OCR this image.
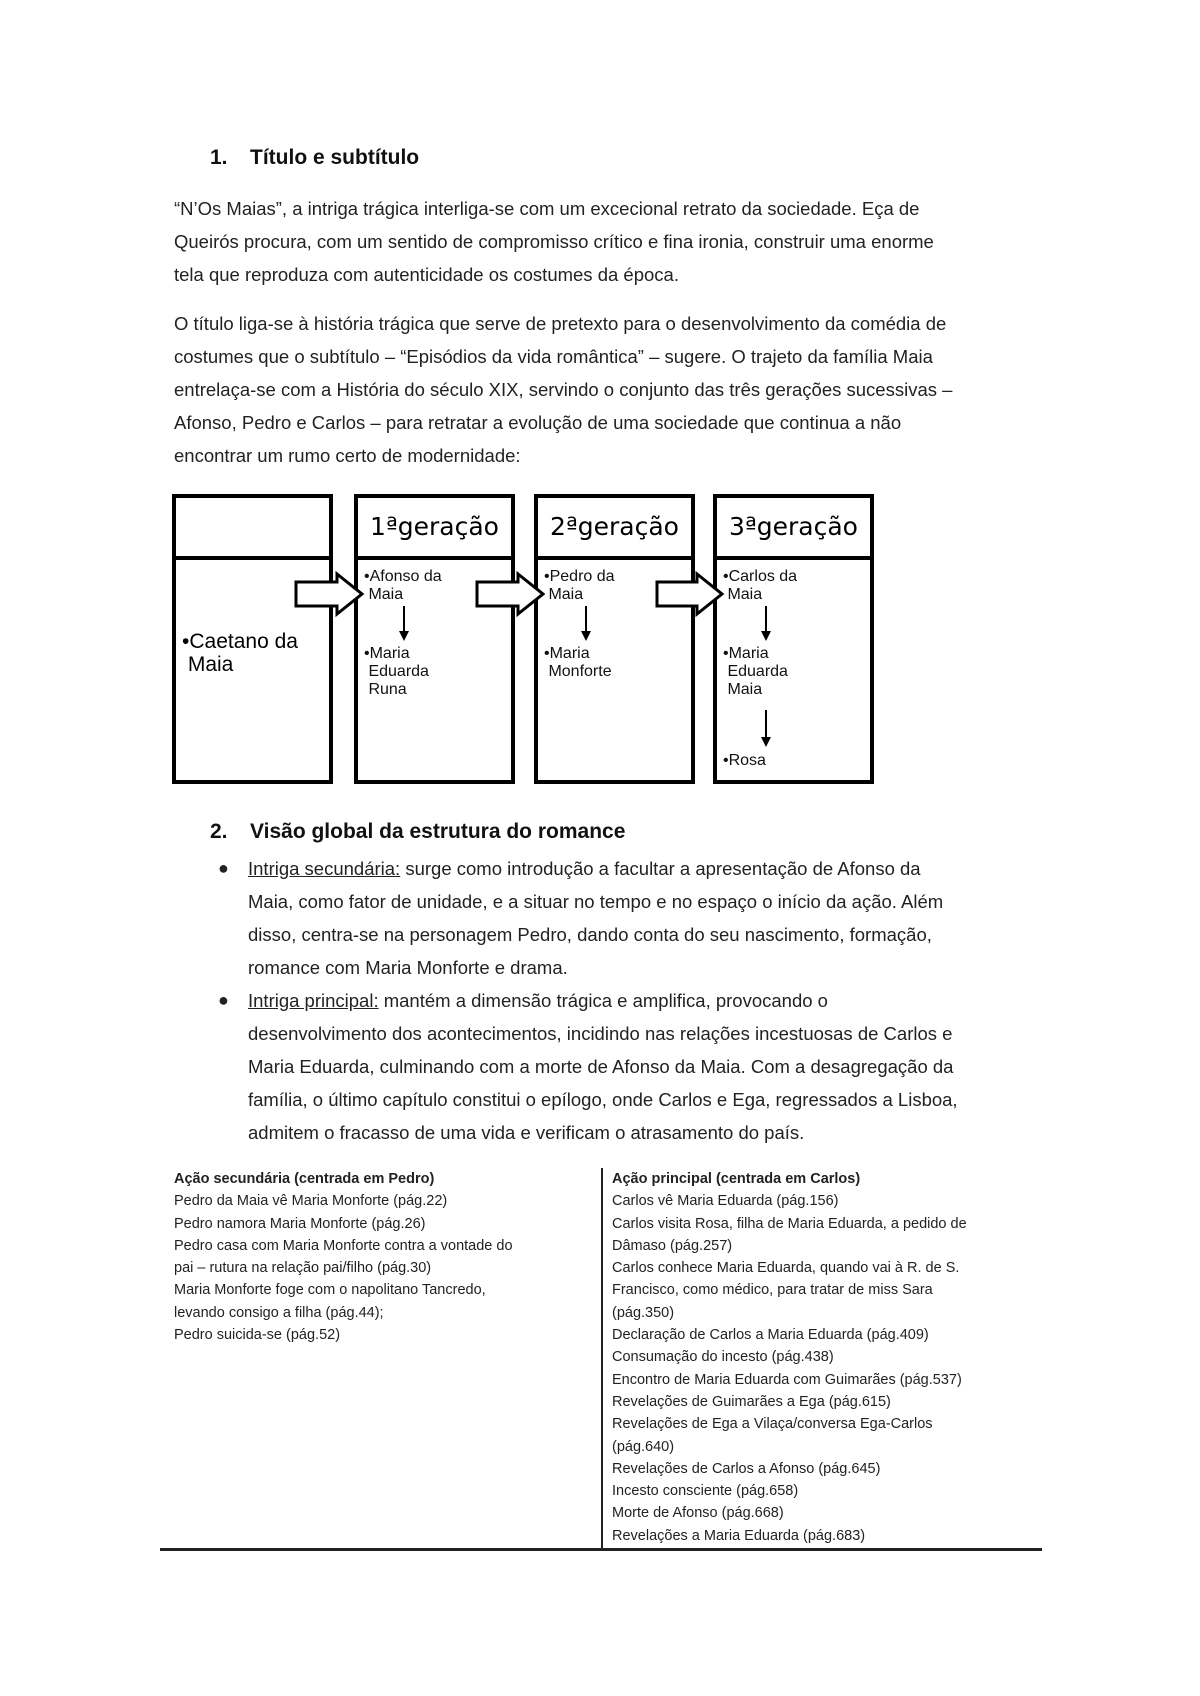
1. Título e subtítulo
“N’Os Maias”, a intriga trágica interliga-se com um excecional retrato da sociedade. Eça de
Queirós procura, com um sentido de compromisso crítico e fina ironia, construir uma enorme
tela que reproduza com autenticidade os costumes da época.
O título liga-se à história trágica que serve de pretexto para o desenvolvimento da comédia de
costumes que o subtítulo – “Episódios da vida romântica” – sugere. O trajeto da família Maia
entrelaça-se com a História do século XIX, servindo o conjunto das três gerações sucessivas –
Afonso, Pedro e Carlos – para retratar a evolução de uma sociedade que continua a não
encontrar um rumo certo de modernidade:
•Caetano da
Maia
1ªgeração
•Afonso da
Maia
•Maria
Eduarda
Runa
2ªgeração
•Pedro da
Maia
•Maria
Monforte
3ªgeração
•Carlos da
Maia
•Maria
Eduarda
Maia
•Rosa
2. Visão global da estrutura do romance
● Intriga secundária: surge como introdução a facultar a apresentação de Afonso da
Maia, como fator de unidade, e a situar no tempo e no espaço o início da ação. Além
disso, centra-se na personagem Pedro, dando conta do seu nascimento, formação,
romance com Maria Monforte e drama.
● Intriga principal: mantém a dimensão trágica e amplifica, provocando o
desenvolvimento dos acontecimentos, incidindo nas relações incestuosas de Carlos e
Maria Eduarda, culminando com a morte de Afonso da Maia. Com a desagregação da
família, o último capítulo constitui o epílogo, onde Carlos e Ega, regressados a Lisboa,
admitem o fracasso de uma vida e verificam o atrasamento do país.
Ação secundária (centrada em Pedro)
Pedro da Maia vê Maria Monforte (pág.22)
Pedro namora Maria Monforte (pág.26)
Pedro casa com Maria Monforte contra a vontade do
pai – rutura na relação pai/filho (pág.30)
Maria Monforte foge com o napolitano Tancredo,
levando consigo a filha (pág.44);
Pedro suicida-se (pág.52)
Ação principal (centrada em Carlos)
Carlos vê Maria Eduarda (pág.156)
Carlos visita Rosa, filha de Maria Eduarda, a pedido de
Dâmaso (pág.257)
Carlos conhece Maria Eduarda, quando vai à R. de S.
Francisco, como médico, para tratar de miss Sara
(pág.350)
Declaração de Carlos a Maria Eduarda (pág.409)
Consumação do incesto (pág.438)
Encontro de Maria Eduarda com Guimarães (pág.537)
Revelações de Guimarães a Ega (pág.615)
Revelações de Ega a Vilaça/conversa Ega-Carlos
(pág.640)
Revelações de Carlos a Afonso (pág.645)
Incesto consciente (pág.658)
Morte de Afonso (pág.668)
Revelações a Maria Eduarda (pág.683)
